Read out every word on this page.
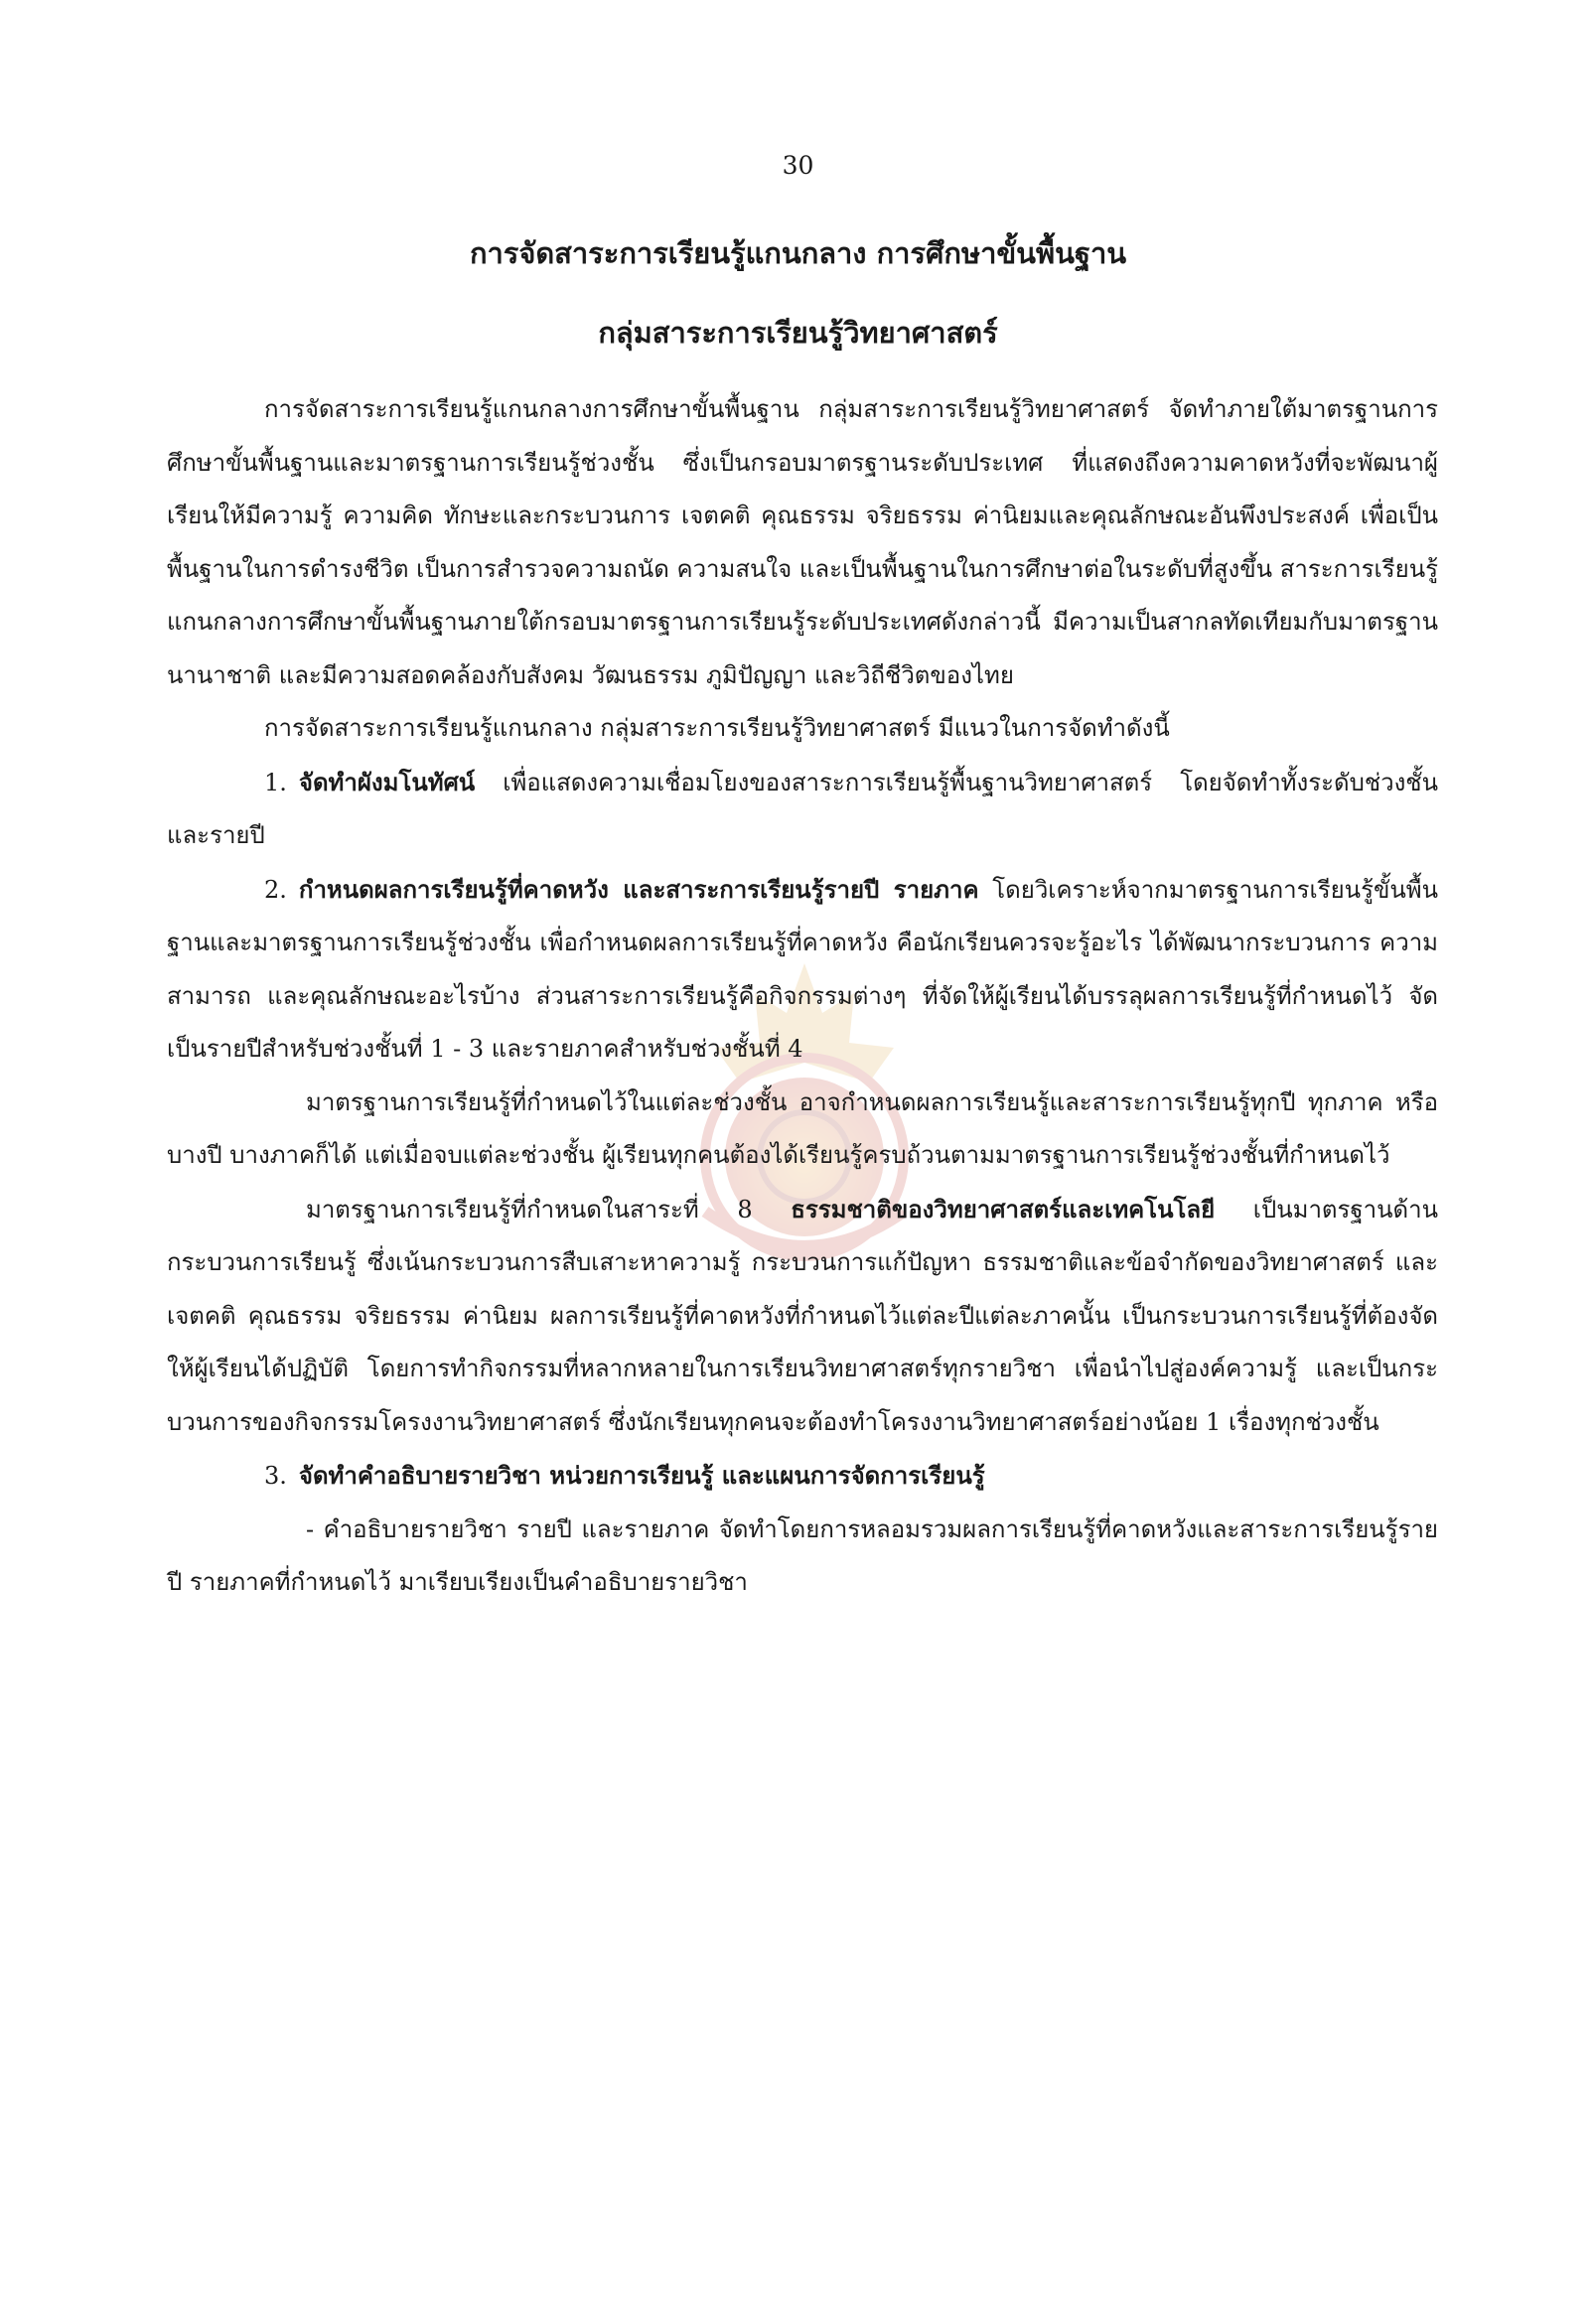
30
การจัดสาระการเรียนรู้แกนกลาง การศึกษาขั้นพื้นฐาน
กลุ่มสาระการเรียนรู้วิทยาศาสตร์

การจัดสาระการเรียนรู้แกนกลางการศึกษาขั้นพื้นฐาน กลุ่มสาระการเรียนรู้วิทยาศาสตร์ จัดทำภายใต้มาตรฐานการศึกษาขั้นพื้นฐานและมาตรฐานการเรียนรู้ช่วงชั้น ซึ่งเป็นกรอบมาตรฐานระดับประเทศ ที่แสดงถึงความคาดหวังที่จะพัฒนาผู้เรียนให้มีความรู้ ความคิด ทักษะและกระบวนการ เจตคติ คุณธรรม จริยธรรม ค่านิยมและคุณลักษณะอันพึงประสงค์ เพื่อเป็นพื้นฐานในการดำรงชีวิต เป็นการสำรวจความถนัด ความสนใจ และเป็นพื้นฐานในการศึกษาต่อในระดับที่สูงขึ้น สาระการเรียนรู้แกนกลางการศึกษาขั้นพื้นฐานภายใต้กรอบมาตรฐานการเรียนรู้ระดับประเทศดังกล่าวนี้ มีความเป็นสากลทัดเทียมกับมาตรฐานนานาชาติ และมีความสอดคล้องกับสังคม วัฒนธรรม ภูมิปัญญา และวิถีชีวิตของไทย

การจัดสาระการเรียนรู้แกนกลาง กลุ่มสาระการเรียนรู้วิทยาศาสตร์ มีแนวในการจัดทำดังนี้

1. จัดทำผังมโนทัศน์ เพื่อแสดงความเชื่อมโยงของสาระการเรียนรู้พื้นฐานวิทยาศาสตร์ โดยจัดทำทั้งระดับช่วงชั้นและรายปี

2. กำหนดผลการเรียนรู้ที่คาดหวัง และสาระการเรียนรู้รายปี รายภาค โดยวิเคราะห์จากมาตรฐานการเรียนรู้ขั้นพื้นฐานและมาตรฐานการเรียนรู้ช่วงชั้น เพื่อกำหนดผลการเรียนรู้ที่คาดหวัง คือนักเรียนควรจะรู้อะไร ได้พัฒนากระบวนการ ความสามารถ และคุณลักษณะอะไรบ้าง ส่วนสาระการเรียนรู้คือกิจกรรมต่างๆ ที่จัดให้ผู้เรียนได้บรรลุผลการเรียนรู้ที่กำหนดไว้ จัดเป็นรายปีสำหรับช่วงชั้นที่ 1 - 3 และรายภาคสำหรับช่วงชั้นที่ 4

มาตรฐานการเรียนรู้ที่กำหนดไว้ในแต่ละช่วงชั้น อาจกำหนดผลการเรียนรู้และสาระการเรียนรู้ทุกปี ทุกภาค หรือบางปี บางภาคก็ได้ แต่เมื่อจบแต่ละช่วงชั้น ผู้เรียนทุกคนต้องได้เรียนรู้ครบถ้วนตามมาตรฐานการเรียนรู้ช่วงชั้นที่กำหนดไว้

มาตรฐานการเรียนรู้ที่กำหนดในสาระที่ 8 ธรรมชาติของวิทยาศาสตร์และเทคโนโลยี เป็นมาตรฐานด้านกระบวนการเรียนรู้ ซึ่งเน้นกระบวนการสืบเสาะหาความรู้ กระบวนการแก้ปัญหา ธรรมชาติและข้อจำกัดของวิทยาศาสตร์ และเจตคติ คุณธรรม จริยธรรม ค่านิยม ผลการเรียนรู้ที่คาดหวังที่กำหนดไว้แต่ละปีแต่ละภาคนั้น เป็นกระบวนการเรียนรู้ที่ต้องจัดให้ผู้เรียนได้ปฏิบัติ โดยการทำกิจกรรมที่หลากหลายในการเรียนวิทยาศาสตร์ทุกรายวิชา เพื่อนำไปสู่องค์ความรู้ และเป็นกระบวนการของกิจกรรมโครงงานวิทยาศาสตร์ ซึ่งนักเรียนทุกคนจะต้องทำโครงงานวิทยาศาสตร์อย่างน้อย 1 เรื่องทุกช่วงชั้น

3. จัดทำคำอธิบายรายวิชา หน่วยการเรียนรู้ และแผนการจัดการเรียนรู้

- คำอธิบายรายวิชา รายปี และรายภาค จัดทำโดยการหลอมรวมผลการเรียนรู้ที่คาดหวังและสาระการเรียนรู้รายปี รายภาคที่กำหนดไว้ มาเรียบเรียงเป็นคำอธิบายรายวิชา
